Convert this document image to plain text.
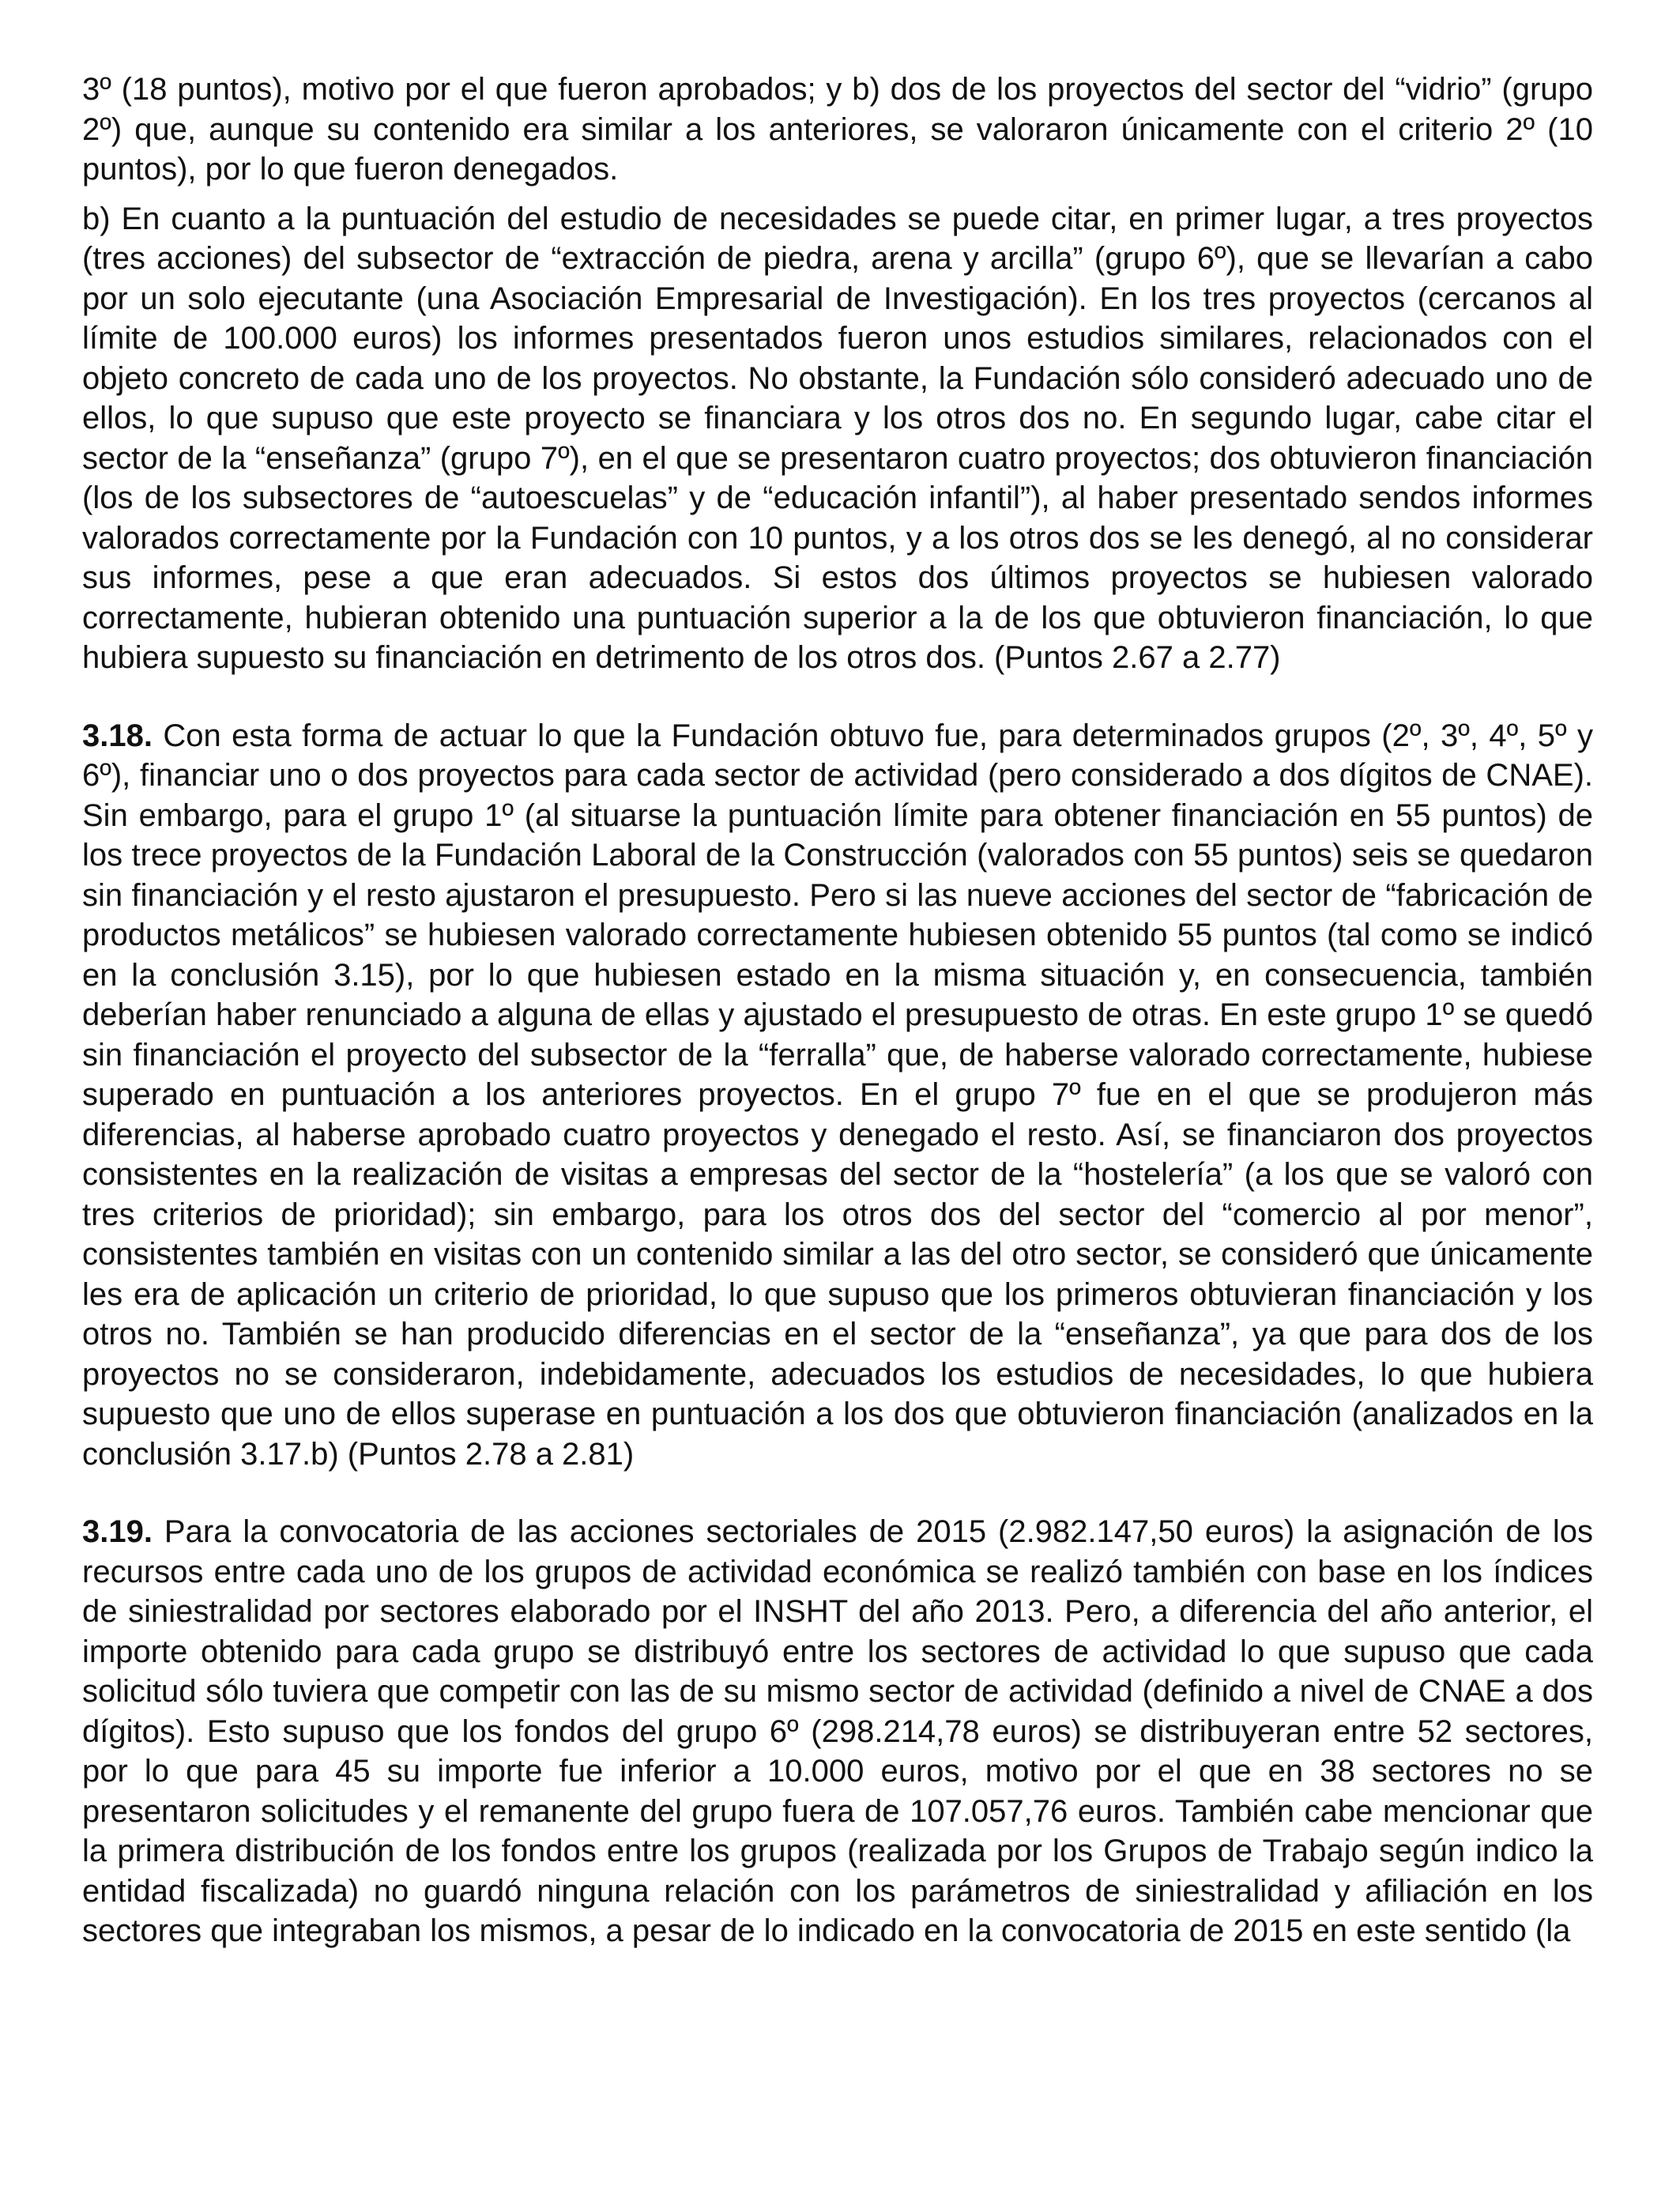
3º (18 puntos), motivo por el que fueron aprobados; y b) dos de los proyectos del sector del “vidrio” (grupo 2º) que, aunque su contenido era similar a los anteriores, se valoraron únicamente con el criterio 2º (10 puntos), por lo que fueron denegados.

b) En cuanto a la puntuación del estudio de necesidades se puede citar, en primer lugar, a tres proyectos (tres acciones) del subsector de “extracción de piedra, arena y arcilla” (grupo 6º), que se llevarían a cabo por un solo ejecutante (una Asociación Empresarial de Investigación). En los tres proyectos (cercanos al límite de 100.000 euros) los informes presentados fueron unos estudios similares, relacionados con el objeto concreto de cada uno de los proyectos. No obstante, la Fundación sólo consideró adecuado uno de ellos, lo que supuso que este proyecto se financiara y los otros dos no. En segundo lugar, cabe citar el sector de la “enseñanza” (grupo 7º), en el que se presentaron cuatro proyectos; dos obtuvieron financiación (los de los subsectores de “autoescuelas” y de “educación infantil”), al haber presentado sendos informes valorados correctamente por la Fundación con 10 puntos, y a los otros dos se les denegó, al no considerar sus informes, pese a que eran adecuados. Si estos dos últimos proyectos se hubiesen valorado correctamente, hubieran obtenido una puntuación superior a la de los que obtuvieron financiación, lo que hubiera supuesto su financiación en detrimento de los otros dos. (Puntos 2.67 a 2.77)

3.18. Con esta forma de actuar lo que la Fundación obtuvo fue, para determinados grupos (2º, 3º, 4º, 5º y 6º), financiar uno o dos proyectos para cada sector de actividad (pero considerado a dos dígitos de CNAE). Sin embargo, para el grupo 1º (al situarse la puntuación límite para obtener financiación en 55 puntos) de los trece proyectos de la Fundación Laboral de la Construcción (valorados con 55 puntos) seis se quedaron sin financiación y el resto ajustaron el presupuesto. Pero si las nueve acciones del sector de “fabricación de productos metálicos” se hubiesen valorado correctamente hubiesen obtenido 55 puntos (tal como se indicó en la conclusión 3.15), por lo que hubiesen estado en la misma situación y, en consecuencia, también deberían haber renunciado a alguna de ellas y ajustado el presupuesto de otras. En este grupo 1º se quedó sin financiación el proyecto del subsector de la “ferralla” que, de haberse valorado correctamente, hubiese superado en puntuación a los anteriores proyectos. En el grupo 7º fue en el que se produjeron más diferencias, al haberse aprobado cuatro proyectos y denegado el resto. Así, se financiaron dos proyectos consistentes en la realización de visitas a empresas del sector de la “hostelería” (a los que se valoró con tres criterios de prioridad); sin embargo, para los otros dos del sector del “comercio al por menor”, consistentes también en visitas con un contenido similar a las del otro sector, se consideró que únicamente les era de aplicación un criterio de prioridad, lo que supuso que los primeros obtuvieran financiación y los otros no. También se han producido diferencias en el sector de la “enseñanza”, ya que para dos de los proyectos no se consideraron, indebidamente, adecuados los estudios de necesidades, lo que hubiera supuesto que uno de ellos superase en puntuación a los dos que obtuvieron financiación (analizados en la conclusión 3.17.b) (Puntos 2.78 a 2.81)

3.19. Para la convocatoria de las acciones sectoriales de 2015 (2.982.147,50 euros) la asignación de los recursos entre cada uno de los grupos de actividad económica se realizó también con base en los índices de siniestralidad por sectores elaborado por el INSHT del año 2013. Pero, a diferencia del año anterior, el importe obtenido para cada grupo se distribuyó entre los sectores de actividad lo que supuso que cada solicitud sólo tuviera que competir con las de su mismo sector de actividad (definido a nivel de CNAE a dos dígitos). Esto supuso que los fondos del grupo 6º (298.214,78 euros) se distribuyeran entre 52 sectores, por lo que para 45 su importe fue inferior a 10.000 euros, motivo por el que en 38 sectores no se presentaron solicitudes y el remanente del grupo fuera de 107.057,76 euros. También cabe mencionar que la primera distribución de los fondos entre los grupos (realizada por los Grupos de Trabajo según indico la entidad fiscalizada) no guardó ninguna relación con los parámetros de siniestralidad y afiliación en los sectores que integraban los mismos, a pesar de lo indicado en la convocatoria de 2015 en este sentido (la
